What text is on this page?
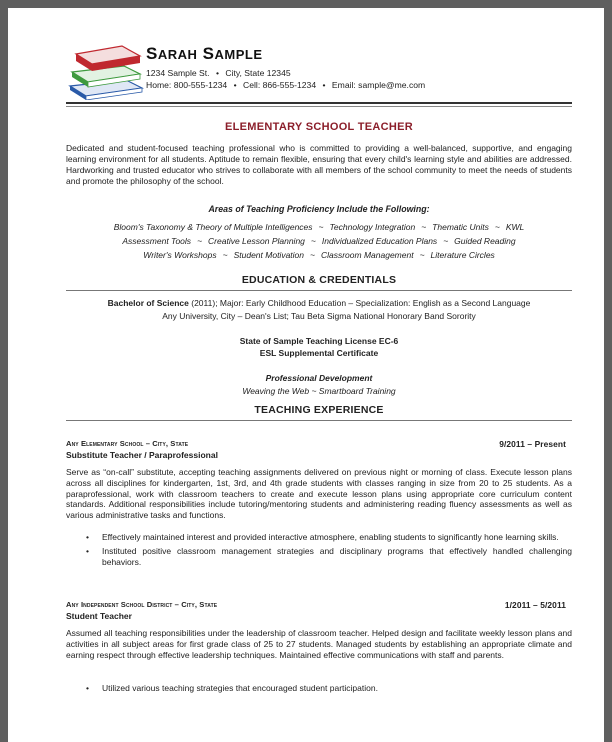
SARAH SAMPLE
1234 Sample St. • City, State 12345
Home: 800-555-1234 • Cell: 866-555-1234 • Email: sample@me.com
ELEMENTARY SCHOOL TEACHER
Dedicated and student-focused teaching professional who is committed to providing a well-balanced, supportive, and engaging learning environment for all students. Aptitude to remain flexible, ensuring that every child's learning style and abilities are addressed. Hardworking and trusted educator who strives to collaborate with all members of the school community to meet the needs of students and promote the philosophy of the school.
Areas of Teaching Proficiency Include the Following:
Bloom's Taxonomy & Theory of Multiple Intelligences ~ Technology Integration ~ Thematic Units ~ KWL
Assessment Tools ~ Creative Lesson Planning ~ Individualized Education Plans ~ Guided Reading
Writer's Workshops ~ Student Motivation ~ Classroom Management ~ Literature Circles
EDUCATION & CREDENTIALS
Bachelor of Science (2011); Major: Early Childhood Education – Specialization: English as a Second Language
Any University, City – Dean's List; Tau Beta Sigma National Honorary Band Sorority
State of Sample Teaching License EC-6
ESL Supplemental Certificate
Professional Development
Weaving the Web ~ Smartboard Training
TEACHING EXPERIENCE
Any Elementary School – City, State	9/2011 – Present
Substitute Teacher / Paraprofessional
Serve as “on-call” substitute, accepting teaching assignments delivered on previous night or morning of class. Execute lesson plans across all disciplines for kindergarten, 1st, 3rd, and 4th grade students with classes ranging in size from 20 to 25 students. As a paraprofessional, work with classroom teachers to create and execute lesson plans using appropriate core curriculum content standards. Additional responsibilities include tutoring/mentoring students and administering reading fluency assessments as well as various administrative tasks and functions.
• Effectively maintained interest and provided interactive atmosphere, enabling students to significantly hone learning skills.
• Instituted positive classroom management strategies and disciplinary programs that effectively handled challenging behaviors.
Any Independent School District – City, State	1/2011 – 5/2011
Student Teacher
Assumed all teaching responsibilities under the leadership of classroom teacher. Helped design and facilitate weekly lesson plans and activities in all subject areas for first grade class of 25 to 27 students. Managed students by establishing an appropriate climate and earning respect through effective leadership techniques. Maintained effective communications with staff and parents.
• Utilized various teaching strategies that encouraged student participation.
